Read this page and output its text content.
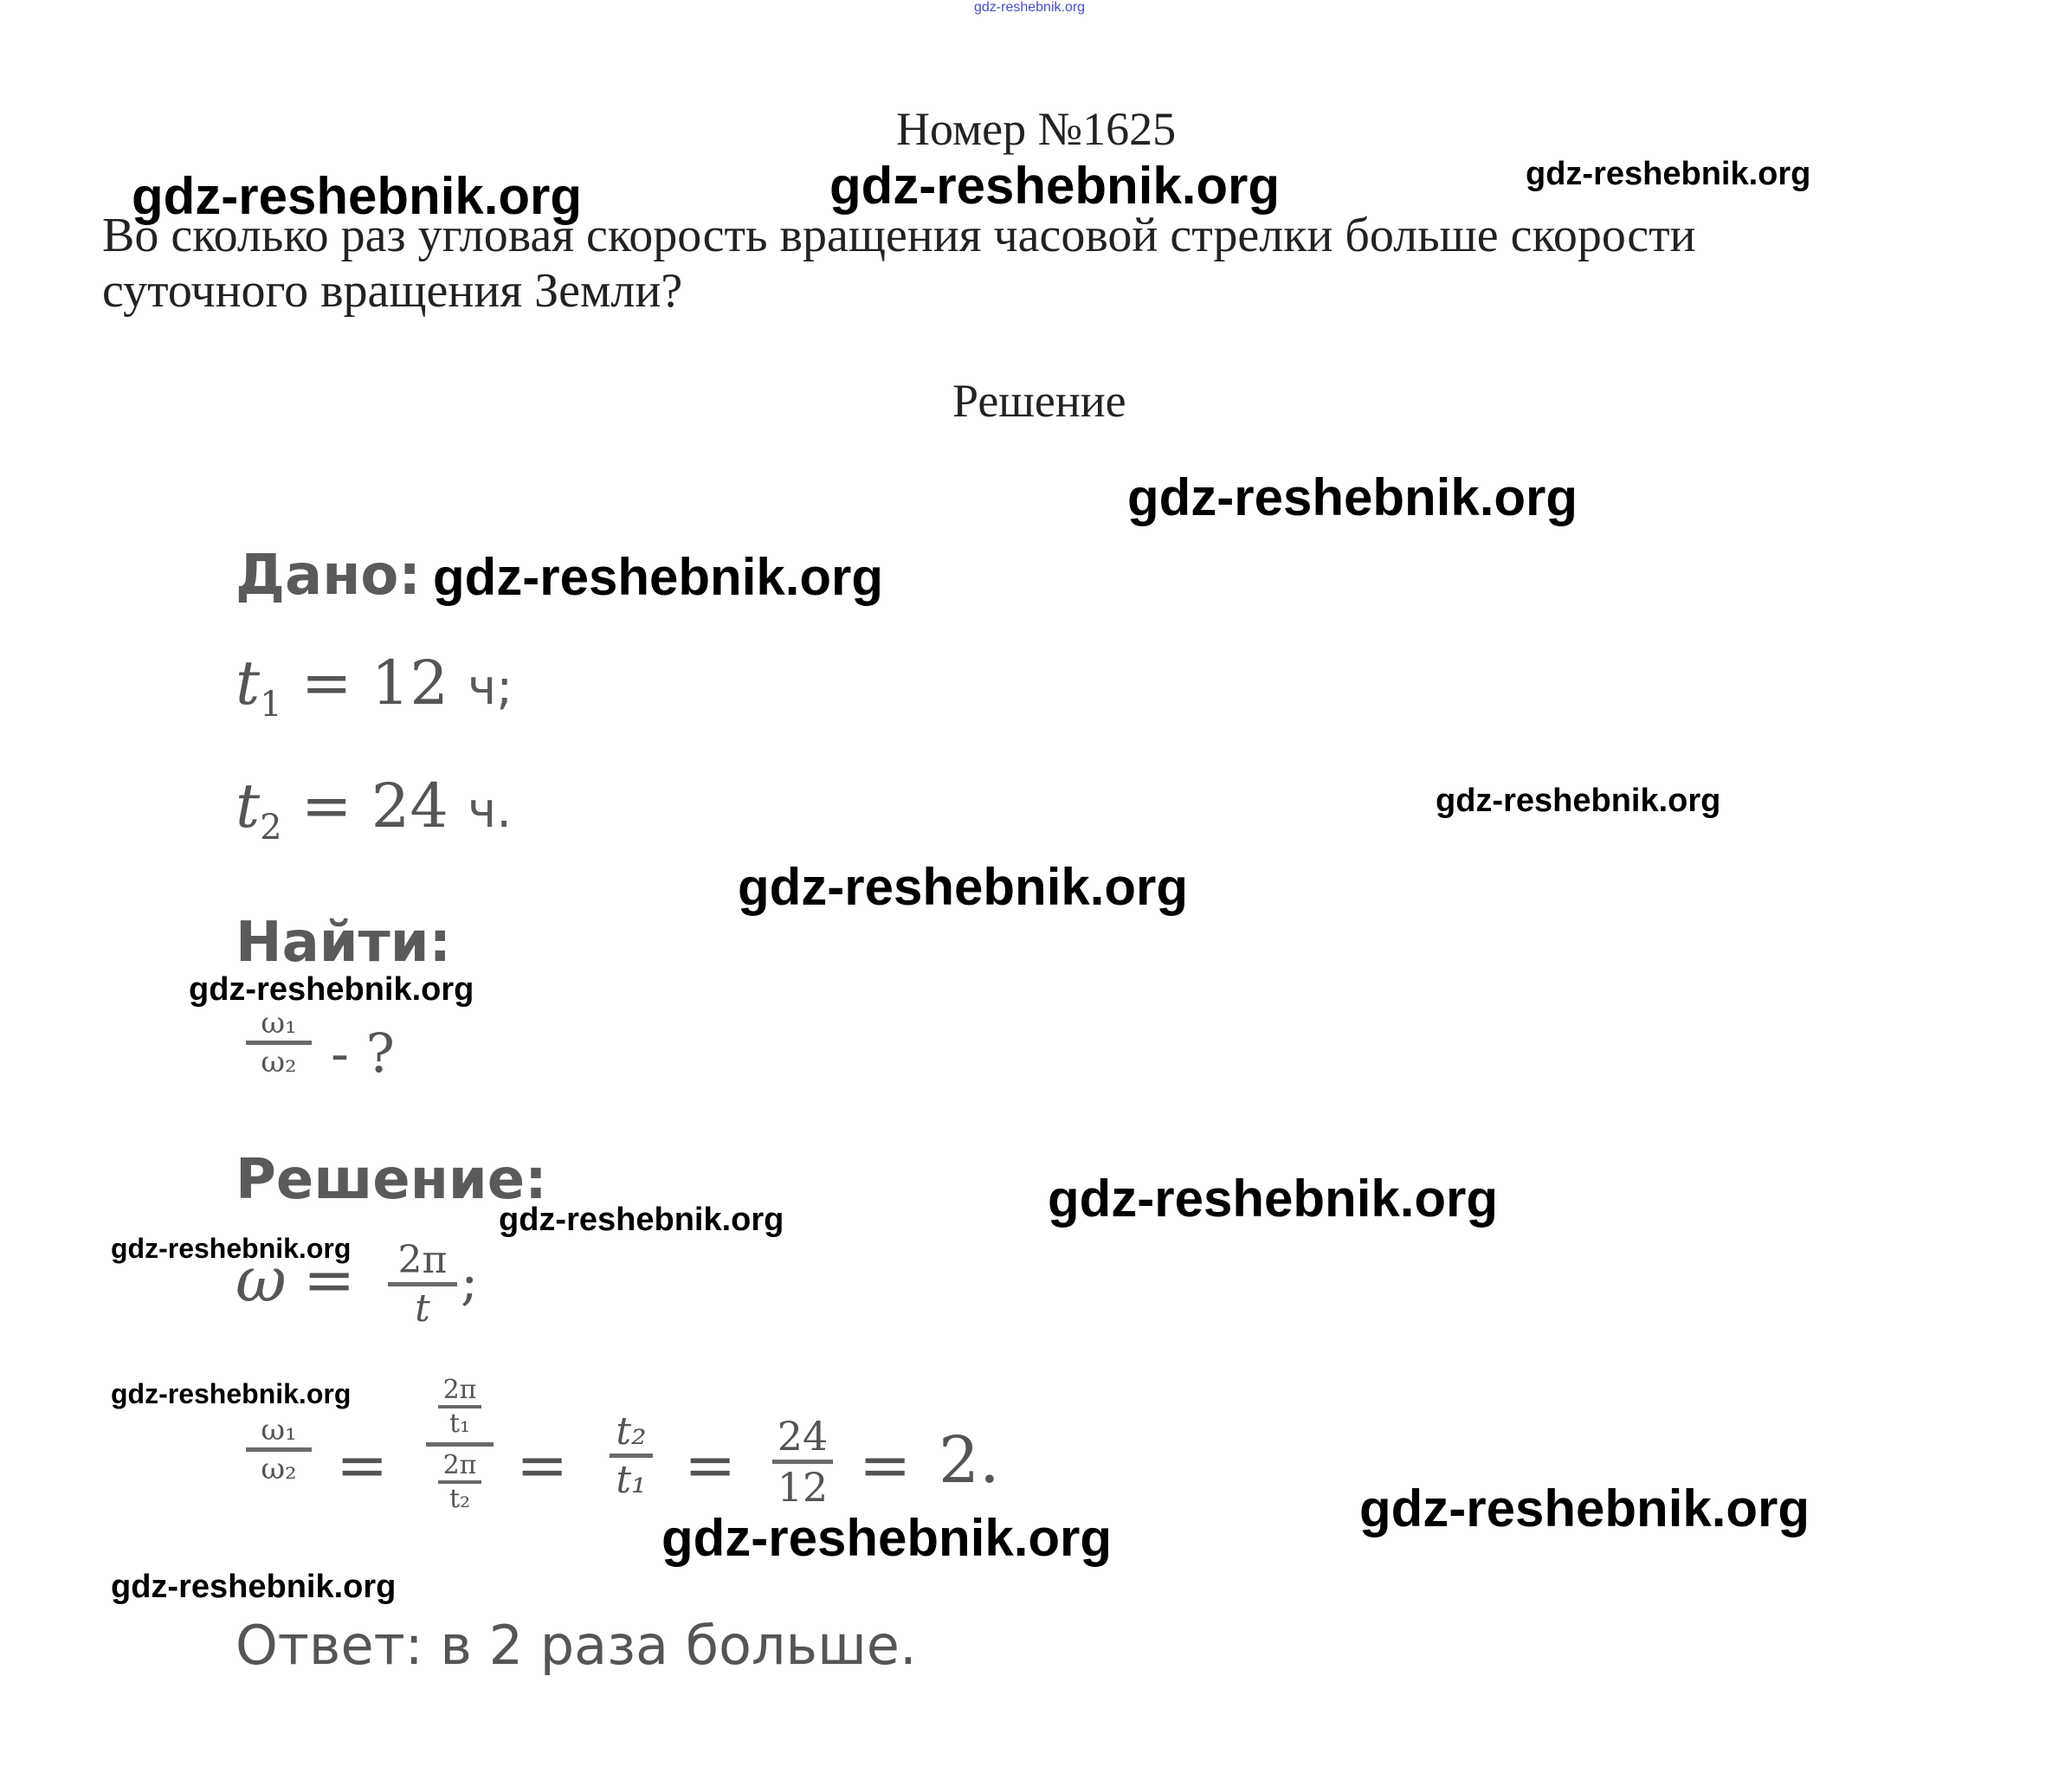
gdz-reshebnik.org
Номер №1625
Во сколько раз угловая скорость вращения часовой стрелки больше скорости
суточного вращения Земли?
Решение
Дано:
$t_1 = 12$ ч;
$t_2 = 24$ ч.
Найти:
ω₁
ω₂ - ?
Решение:
ω = 2π
t ;
ω₁
ω₂ =
2π
t₁
2π
t₂ = t₂
t₁ = 24
12 = 2.
Ответ: в 2 раза больше.
gdz-reshebnik.org	gdz-reshebnik.org	gdz-reshebnik.org
gdz-reshebnik.org
gdz-reshebnik.org
gdz-reshebnik.org
gdz-reshebnik.org
gdz-reshebnik.org
gdz-reshebnik.org
gdz-reshebnik.org
gdz-reshebnik.org
gdz-reshebnik.org
gdz-reshebnik.org
gdz-reshebnik.org
gdz-reshebnik.org
